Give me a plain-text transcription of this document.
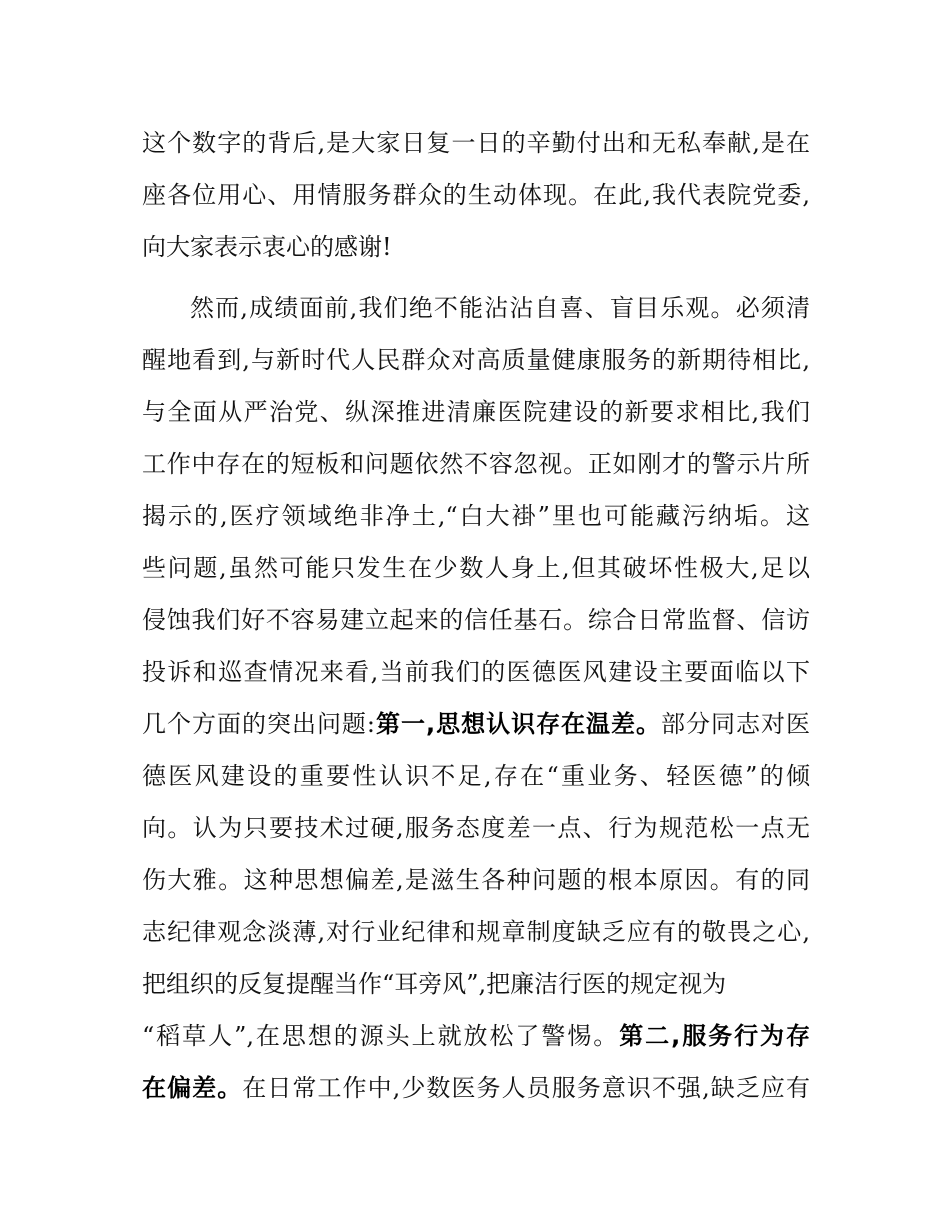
这个数字的背后,是大家日复一日的辛勤付出和无私奉献,是在
座各位用心、用情服务群众的生动体现。在此,我代表院党委,
向大家表示衷心的感谢!
然而,成绩面前,我们绝不能沾沾自喜、盲目乐观。必须清
醒地看到,与新时代人民群众对高质量健康服务的新期待相比,
与全面从严治党、纵深推进清廉医院建设的新要求相比,我们
工作中存在的短板和问题依然不容忽视。正如刚才的警示片所
揭示的,医疗领域绝非净土,“白大褂”里也可能藏污纳垢。这
些问题,虽然可能只发生在少数人身上,但其破坏性极大,足以
侵蚀我们好不容易建立起来的信任基石。综合日常监督、信访
投诉和巡查情况来看,当前我们的医德医风建设主要面临以下
几个方面的突出问题:第一,思想认识存在温差。部分同志对医
德医风建设的重要性认识不足,存在“重业务、轻医德”的倾
向。认为只要技术过硬,服务态度差一点、行为规范松一点无
伤大雅。这种思想偏差,是滋生各种问题的根本原因。有的同
志纪律观念淡薄,对行业纪律和规章制度缺乏应有的敬畏之心,
把组织的反复提醒当作“耳旁风”,把廉洁行医的规定视为
“稻草人”,在思想的源头上就放松了警惕。第二,服务行为存
在偏差。在日常工作中,少数医务人员服务意识不强,缺乏应有
